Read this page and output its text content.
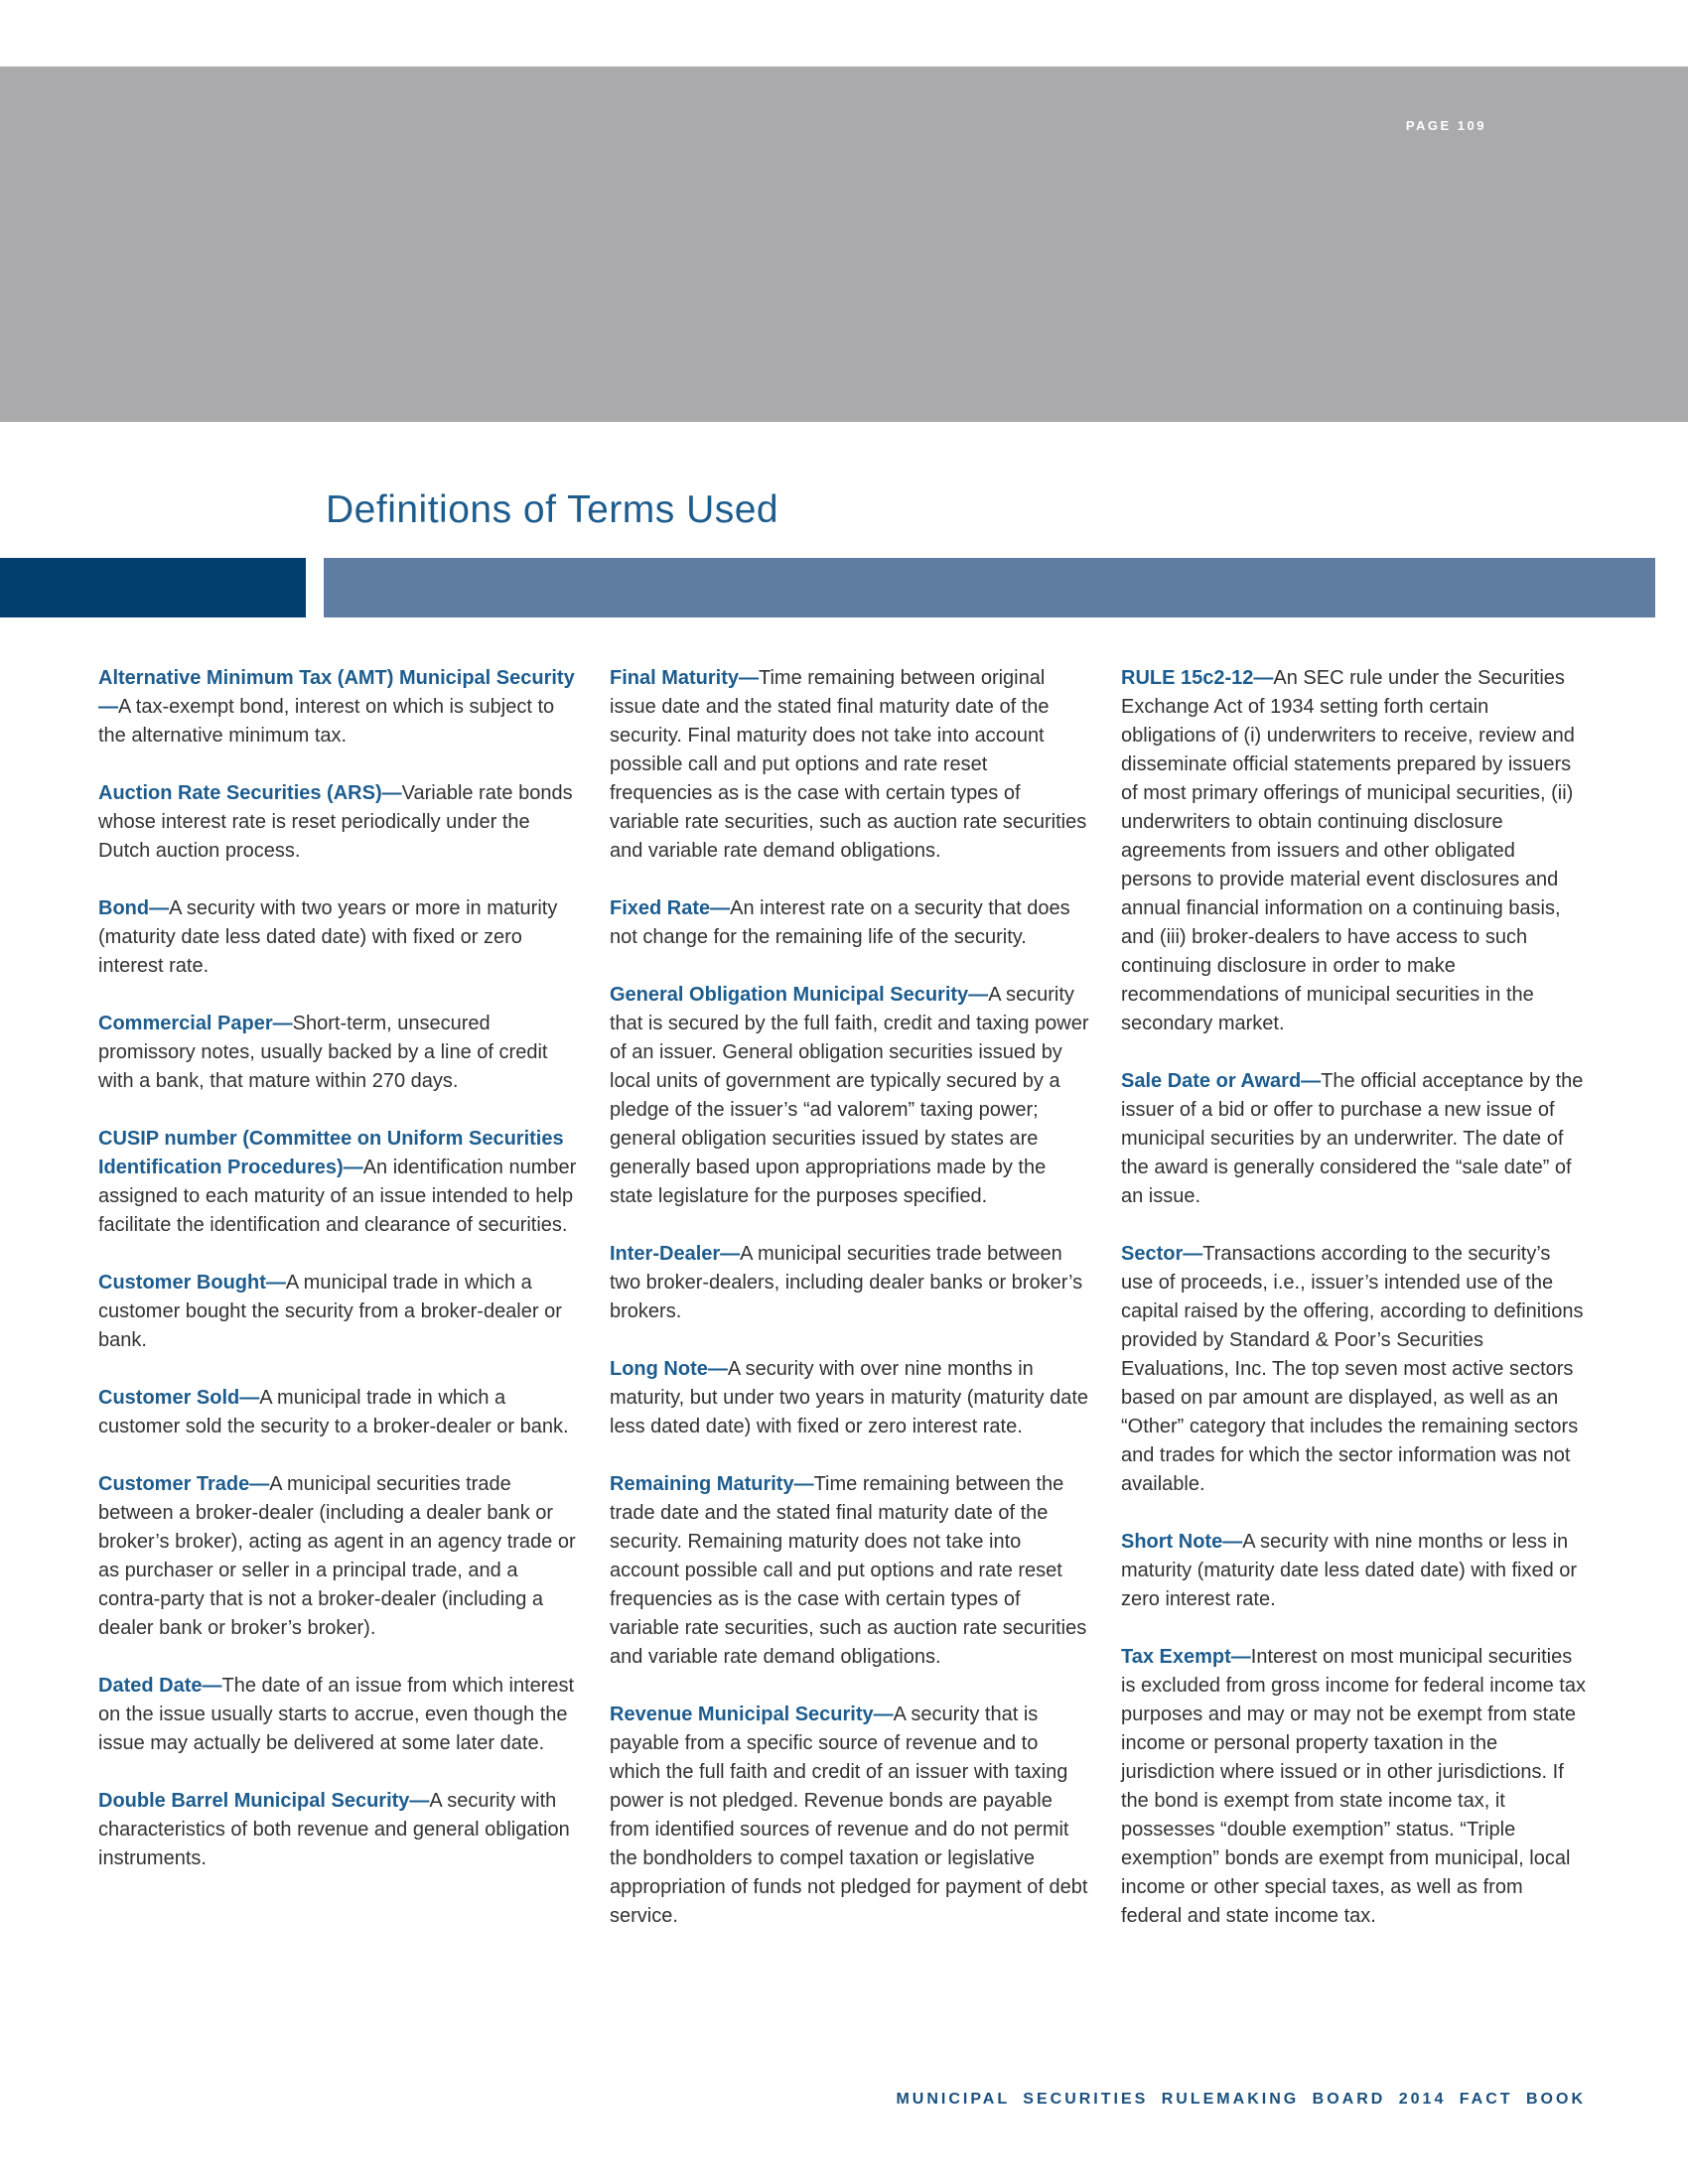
PAGE 109
Definitions of Terms Used

Alternative Minimum Tax (AMT) Municipal Security—A tax-exempt bond, interest on which is subject to the alternative minimum tax.

Auction Rate Securities (ARS)—Variable rate bonds whose interest rate is reset periodically under the Dutch auction process.

Bond—A security with two years or more in maturity (maturity date less dated date) with fixed or zero interest rate.

Commercial Paper—Short-term, unsecured promissory notes, usually backed by a line of credit with a bank, that mature within 270 days.

CUSIP number (Committee on Uniform Securities Identification Procedures)—An identification number assigned to each maturity of an issue intended to help facilitate the identification and clearance of securities.

Customer Bought—A municipal trade in which a customer bought the security from a broker-dealer or bank.

Customer Sold—A municipal trade in which a customer sold the security to a broker-dealer or bank.

Customer Trade—A municipal securities trade between a broker-dealer (including a dealer bank or broker’s broker), acting as agent in an agency trade or as purchaser or seller in a principal trade, and a contra-party that is not a broker-dealer (including a dealer bank or broker’s broker).

Dated Date—The date of an issue from which interest on the issue usually starts to accrue, even though the issue may actually be delivered at some later date.

Double Barrel Municipal Security—A security with characteristics of both revenue and general obligation instruments.

Final Maturity—Time remaining between original issue date and the stated final maturity date of the security. Final maturity does not take into account possible call and put options and rate reset frequencies as is the case with certain types of variable rate securities, such as auction rate securities and variable rate demand obligations.

Fixed Rate—An interest rate on a security that does not change for the remaining life of the security.

General Obligation Municipal Security—A security that is secured by the full faith, credit and taxing power of an issuer. General obligation securities issued by local units of government are typically secured by a pledge of the issuer’s “ad valorem” taxing power; general obligation securities issued by states are generally based upon appropriations made by the state legislature for the purposes specified.

Inter-Dealer—A municipal securities trade between two broker-dealers, including dealer banks or broker’s brokers.

Long Note—A security with over nine months in maturity, but under two years in maturity (maturity date less dated date) with fixed or zero interest rate.

Remaining Maturity—Time remaining between the trade date and the stated final maturity date of the security. Remaining maturity does not take into account possible call and put options and rate reset frequencies as is the case with certain types of variable rate securities, such as auction rate securities and variable rate demand obligations.

Revenue Municipal Security—A security that is payable from a specific source of revenue and to which the full faith and credit of an issuer with taxing power is not pledged. Revenue bonds are payable from identified sources of revenue and do not permit the bondholders to compel taxation or legislative appropriation of funds not pledged for payment of debt service.

RULE 15c2-12—An SEC rule under the Securities Exchange Act of 1934 setting forth certain obligations of (i) underwriters to receive, review and disseminate official statements prepared by issuers of most primary offerings of municipal securities, (ii) underwriters to obtain continuing disclosure agreements from issuers and other obligated persons to provide material event disclosures and annual financial information on a continuing basis, and (iii) broker-dealers to have access to such continuing disclosure in order to make recommendations of municipal securities in the secondary market.

Sale Date or Award—The official acceptance by the issuer of a bid or offer to purchase a new issue of municipal securities by an underwriter. The date of the award is generally considered the “sale date” of an issue.

Sector—Transactions according to the security’s use of proceeds, i.e., issuer’s intended use of the capital raised by the offering, according to definitions provided by Standard & Poor’s Securities Evaluations, Inc. The top seven most active sectors based on par amount are displayed, as well as an “Other” category that includes the remaining sectors and trades for which the sector information was not available.

Short Note—A security with nine months or less in maturity (maturity date less dated date) with fixed or zero interest rate.

Tax Exempt—Interest on most municipal securities is excluded from gross income for federal income tax purposes and may or may not be exempt from state income or personal property taxation in the jurisdiction where issued or in other jurisdictions. If the bond is exempt from state income tax, it possesses “double exemption” status. “Triple exemption” bonds are exempt from municipal, local income or other special taxes, as well as from federal and state income tax.

MUNICIPAL SECURITIES RULEMAKING BOARD 2014 FACT BOOK
